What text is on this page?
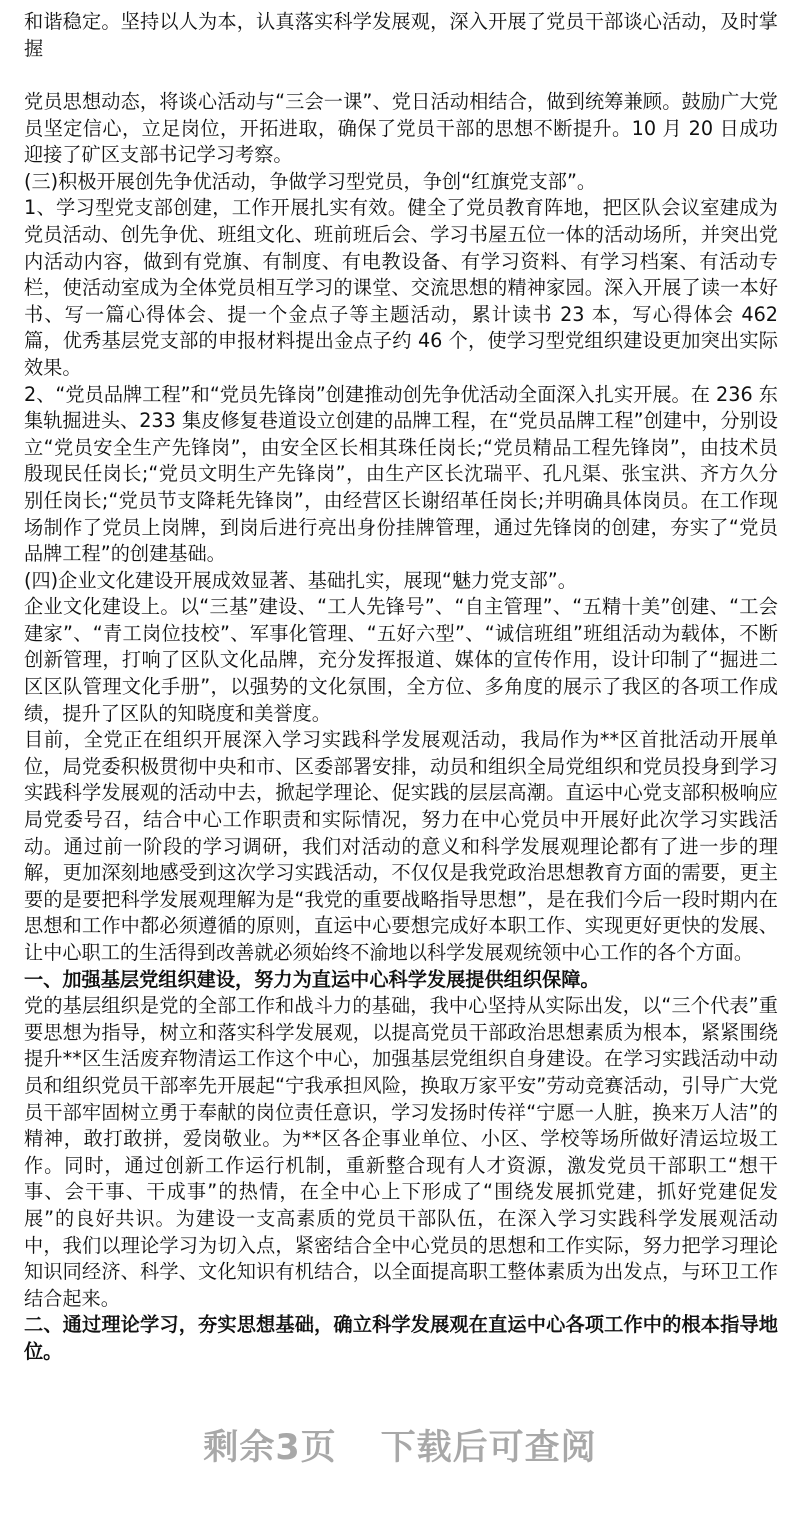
和谐稳定。坚持以人为本，认真落实科学发展观，深入开展了党员干部谈心活动，及时掌握

党员思想动态，将谈心活动与“三会一课”、党日活动相结合，做到统筹兼顾。鼓励广大党员坚定信心，立足岗位，开拓进取，确保了党员干部的思想不断提升。10 月 20 日成功迎接了矿区支部书记学习考察。

(三)积极开展创先争优活动，争做学习型党员，争创“红旗党支部”。

1、学习型党支部创建，工作开展扎实有效。健全了党员教育阵地，把区队会议室建成为党员活动、创先争优、班组文化、班前班后会、学习书屋五位一体的活动场所，并突出党内活动内容，做到有党旗、有制度、有电教设备、有学习资料、有学习档案、有活动专栏，使活动室成为全体党员相互学习的课堂、交流思想的精神家园。深入开展了读一本好书、写一篇心得体会、提一个金点子等主题活动，累计读书 23 本，写心得体会 462 篇，优秀基层党支部的申报材料提出金点子约 46 个，使学习型党组织建设更加突出实际效果。

2、“党员品牌工程”和“党员先锋岗”创建推动创先争优活动全面深入扎实开展。在 236 东集轨掘进头、233 集皮修复巷道设立创建的品牌工程，在“党员品牌工程”创建中，分别设立“党员安全生产先锋岗”，由安全区长相其珠任岗长;“党员精品工程先锋岗”，由技术员殷现民任岗长;“党员文明生产先锋岗”，由生产区长沈瑞平、孔凡渠、张宝洪、齐方久分别任岗长;“党员节支降耗先锋岗”，由经营区长谢绍革任岗长;并明确具体岗员。在工作现场制作了党员上岗牌，到岗后进行亮出身份挂牌管理，通过先锋岗的创建，夯实了“党员品牌工程”的创建基础。

(四)企业文化建设开展成效显著、基础扎实，展现“魅力党支部”。

企业文化建设上。以“三基”建设、“工人先锋号”、“自主管理”、“五精十美”创建、“工会建家”、“青工岗位技校”、军事化管理、“五好六型”、“诚信班组”班组活动为载体，不断创新管理，打响了区队文化品牌，充分发挥报道、媒体的宣传作用，设计印制了“掘进二区区队管理文化手册”，以强势的文化氛围，全方位、多角度的展示了我区的各项工作成绩，提升了区队的知晓度和美誉度。

目前，全党正在组织开展深入学习实践科学发展观活动，我局作为**区首批活动开展单位，局党委积极贯彻中央和市、区委部署安排，动员和组织全局党组织和党员投身到学习实践科学发展观的活动中去，掀起学理论、促实践的层层高潮。直运中心党支部积极响应局党委号召，结合中心工作职责和实际情况，努力在中心党员中开展好此次学习实践活动。通过前一阶段的学习调研，我们对活动的意义和科学发展观理论都有了进一步的理解，更加深刻地感受到这次学习实践活动，不仅仅是我党政治思想教育方面的需要，更主要的是要把科学发展观理解为是“我党的重要战略指导思想”，是在我们今后一段时期内在思想和工作中都必须遵循的原则，直运中心要想完成好本职工作、实现更好更快的发展、让中心职工的生活得到改善就必须始终不渝地以科学发展观统领中心工作的各个方面。

一、加强基层党组织建设，努力为直运中心科学发展提供组织保障。

党的基层组织是党的全部工作和战斗力的基础，我中心坚持从实际出发，以“三个代表”重要思想为指导，树立和落实科学发展观，以提高党员干部政治思想素质为根本，紧紧围绕提升**区生活废弃物清运工作这个中心，加强基层党组织自身建设。在学习实践活动中动员和组织党员干部率先开展起“宁我承担风险，换取万家平安”劳动竞赛活动，引导广大党员干部牢固树立勇于奉献的岗位责任意识，学习发扬时传祥“宁愿一人脏，换来万人洁”的精神，敢打敢拼，爱岗敬业。为**区各企事业单位、小区、学校等场所做好清运垃圾工作。同时，通过创新工作运行机制，重新整合现有人才资源，激发党员干部职工“想干事、会干事、干成事”的热情，在全中心上下形成了“围绕发展抓党建，抓好党建促发展”的良好共识。为建设一支高素质的党员干部队伍，在深入学习实践科学发展观活动中，我们以理论学习为切入点，紧密结合全中心党员的思想和工作实际，努力把学习理论知识同经济、科学、文化知识有机结合，以全面提高职工整体素质为出发点，与环卫工作结合起来。

二、通过理论学习，夯实思想基础，确立科学发展观在直运中心各项工作中的根本指导地位。

剩余3页 下载后可查阅
